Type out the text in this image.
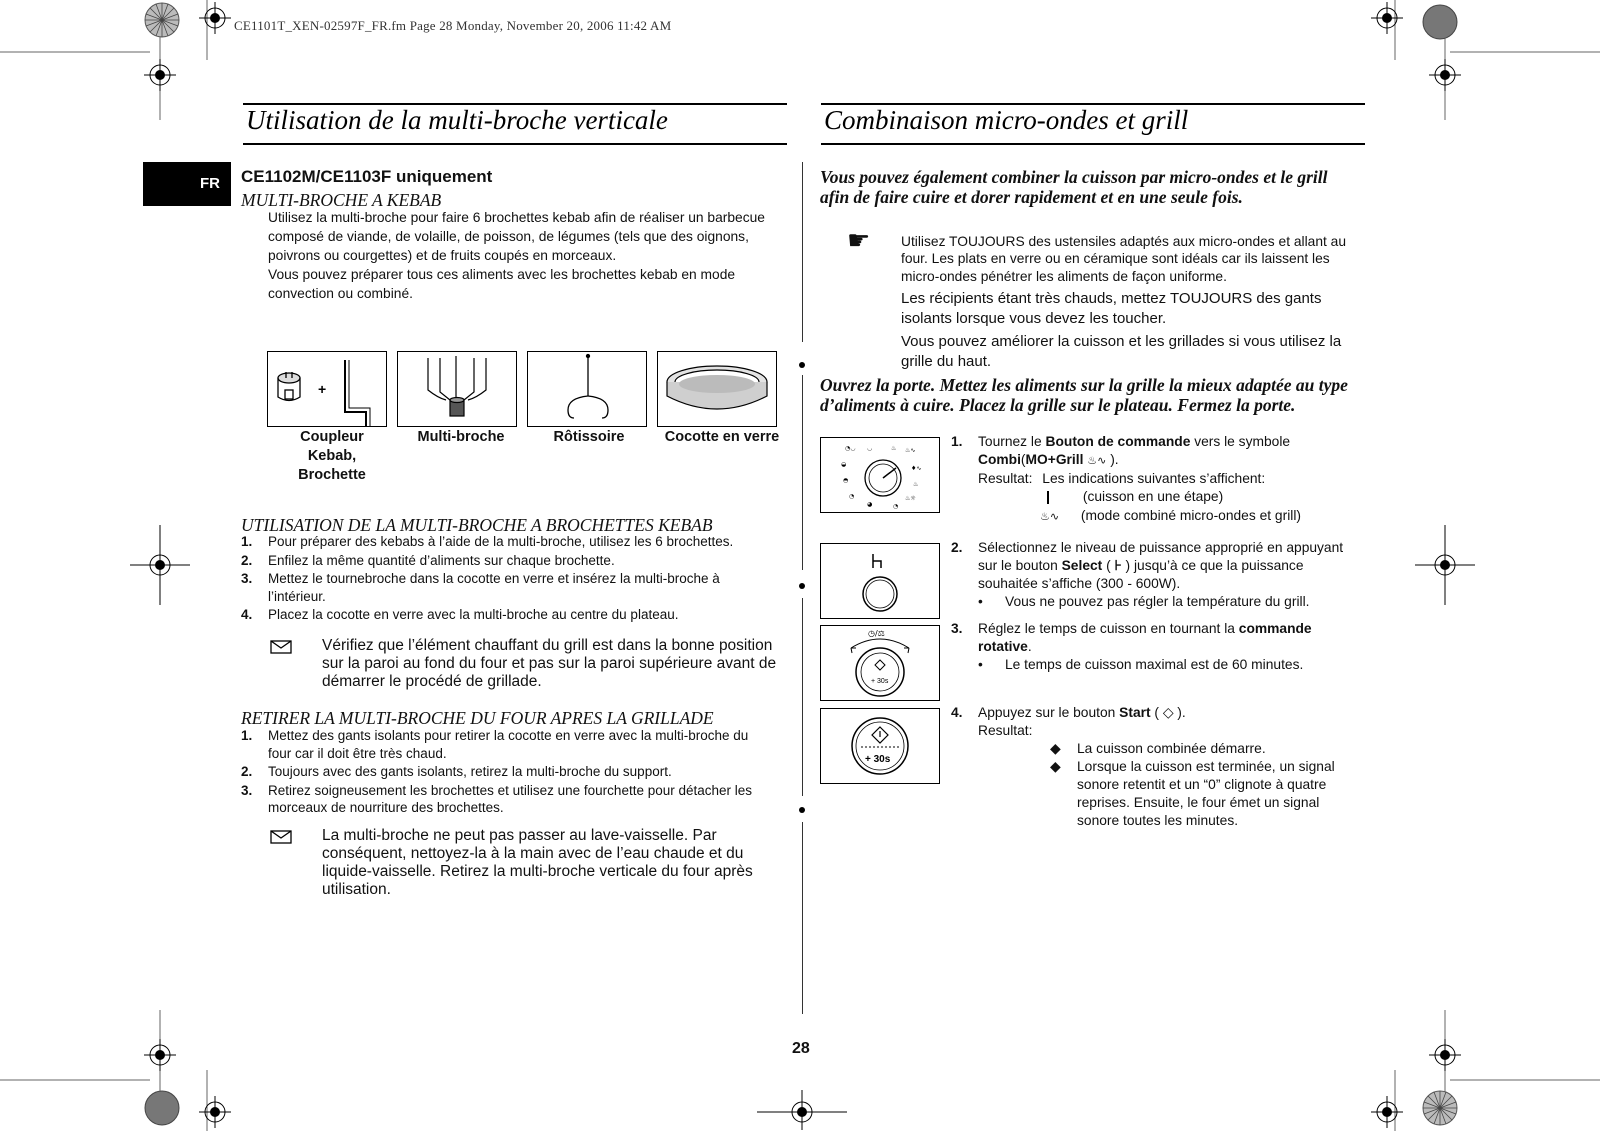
CE1101T_XEN-02597F_FR.fm Page 28 Monday, November 20, 2006 11:42 AM
Utilisation de la multi-broche verticale	Combinaison micro-ondes et grill
FR CE1102M/CE1103F uniquement
MULTI-BROCHE A KEBAB
Utilisez la multi-broche pour faire 6 brochettes kebab afin de réaliser un barbecue
composé de viande, de volaille, de poisson, de légumes (tels que des oignons,
poivrons ou courgettes) et de fruits coupés en morceaux.
Vous pouvez préparer tous ces aliments avec les brochettes kebab en mode
convection ou combiné.
+
Coupleur
Kebab,
Brochette
Multi-broche	Rôtissoire	Cocotte en verre
UTILISATION DE LA MULTI-BROCHE A BROCHETTES KEBAB
1. Pour préparer des kebabs à l’aide de la multi-broche, utilisez les 6 brochettes.
2. Enfilez la même quantité d’aliments sur chaque brochette.
3. Mettez le tournebroche dans la cocotte en verre et insérez la multi-broche à
l’intérieur.
4. Placez la cocotte en verre avec la multi-broche au centre du plateau.
Vérifiez que l’élément chauffant du grill est dans la bonne position
sur la paroi au fond du four et pas sur la paroi supérieure avant de
démarrer le procédé de grillade.
RETIRER LA MULTI-BROCHE DU FOUR APRES LA GRILLADE
1. Mettez des gants isolants pour retirer la cocotte en verre avec la multi-broche du
four car il doit être très chaud.
2. Toujours avec des gants isolants, retirez la multi-broche du support.
3. Retirez soigneusement les brochettes et utilisez une fourchette pour détacher les
morceaux de nourriture des brochettes.
La multi-broche ne peut pas passer au lave-vaisselle. Par
conséquent, nettoyez-la à la main avec de l’eau chaude et du
liquide-vaisselle. Retirez la multi-broche verticale du four après
utilisation.
Vous pouvez également combiner la cuisson par micro-ondes et le grill
afin de faire cuire et dorer rapidement et en une seule fois.
☛ Utilisez TOUJOURS des ustensiles adaptés aux micro-ondes et allant au
four. Les plats en verre ou en céramique sont idéals car ils laissent les
micro-ondes pénétrer les aliments de façon uniforme.
Les récipients étant très chauds, mettez TOUJOURS des gants
isolants lorsque vous devez les toucher.
Vous pouvez améliorer la cuisson et les grillades si vous utilisez la
grille du haut.
Ouvrez la porte. Mettez les aliments sur la grille la mieux adaptée au type
d’aliments à cuire. Placez la grille sur le plateau. Fermez la porte.
◔◡ ◡	♨ ♨∿
◒
♦∿
◓
♨
◔	♨☼
◕	◔
◷/⚖
+ 30s
+ 30s
1. Tournez le Bouton de commande vers le symbole
Combi(MO+Grill ♨∿ ).
Resultat: Les indications suivantes s’affichent:
(cuisson en une étape)
♨∿ (mode combiné micro-ondes et grill)
2. Sélectionnez le niveau de puissance approprié en appuyant
sur le bouton Select ( ⊦ ) jusqu’à ce que la puissance
souhaitée s’affiche (300 - 600W).
• Vous ne pouvez pas régler la température du grill.
3. Réglez le temps de cuisson en tournant la commande
rotative.
• Le temps de cuisson maximal est de 60 minutes.
4. Appuyez sur le bouton Start ( ◇ ).
Resultat:
◆ La cuisson combinée démarre.
◆ Lorsque la cuisson est terminée, un signal
sonore retentit et un “0” clignote à quatre
reprises. Ensuite, le four émet un signal
sonore toutes les minutes.
28
